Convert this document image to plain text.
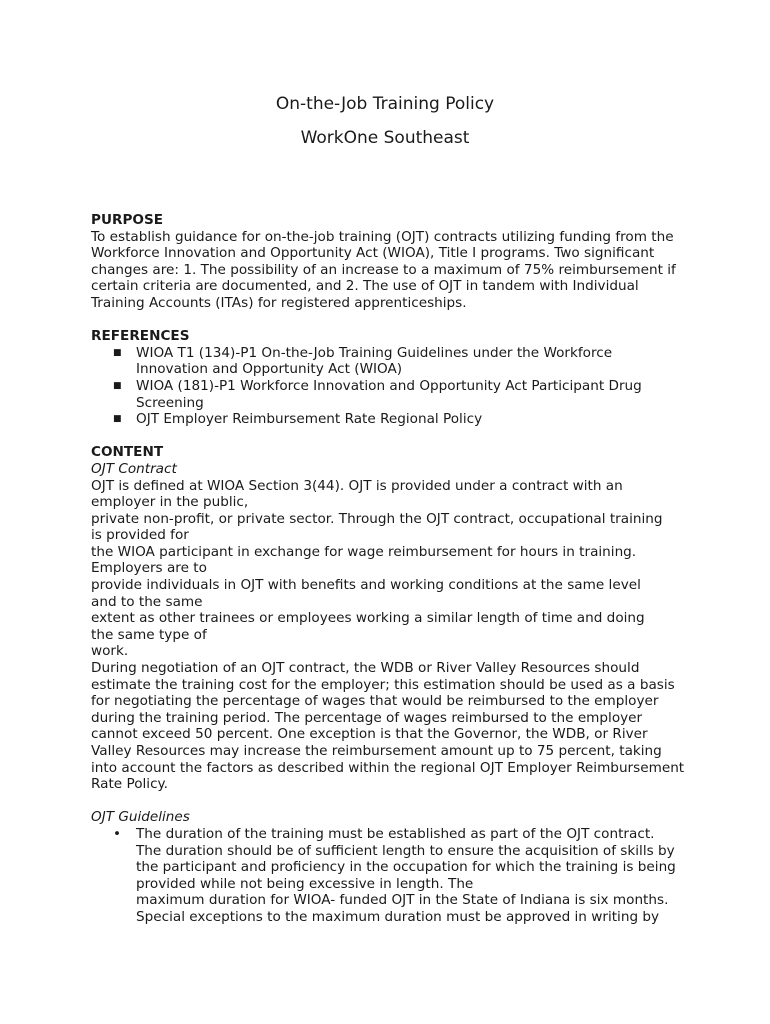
On-the-Job Training Policy
WorkOne Southeast

PURPOSE

To establish guidance for on-the-job training (OJT) contracts utilizing funding from the Workforce Innovation and Opportunity Act (WIOA), Title I programs. Two significant changes are: 1. The possibility of an increase to a maximum of 75% reimbursement if certain criteria are documented, and 2. The use of OJT in tandem with Individual Training Accounts (ITAs) for registered apprenticeships.

REFERENCES

■ WIOA T1 (134)-P1 On-the-Job Training Guidelines under the Workforce Innovation and Opportunity Act (WIOA)
■ WIOA (181)-P1 Workforce Innovation and Opportunity Act Participant Drug Screening
■ OJT Employer Reimbursement Rate Regional Policy

CONTENT

OJT Contract

OJT is defined at WIOA Section 3(44). OJT is provided under a contract with an
employer in the public,
private non-profit, or private sector. Through the OJT contract, occupational training
is provided for
the WIOA participant in exchange for wage reimbursement for hours in training.
Employers are to
provide individuals in OJT with benefits and working conditions at the same level
and to the same
extent as other trainees or employees working a similar length of time and doing
the same type of
work.

During negotiation of an OJT contract, the WDB or River Valley Resources should estimate the training cost for the employer; this estimation should be used as a basis for negotiating the percentage of wages that would be reimbursed to the employer during the training period. The percentage of wages reimbursed to the employer cannot exceed 50 percent. One exception is that the Governor, the WDB, or River Valley Resources may increase the reimbursement amount up to 75 percent, taking into account the factors as described within the regional OJT Employer Reimbursement Rate Policy.

OJT Guidelines

• The duration of the training must be established as part of the OJT contract. The duration should be of sufficient length to ensure the acquisition of skills by the participant and proficiency in the occupation for which the training is being provided while not being excessive in length. The
maximum duration for WIOA- funded OJT in the State of Indiana is six months. Special exceptions to the maximum duration must be approved in writing by
